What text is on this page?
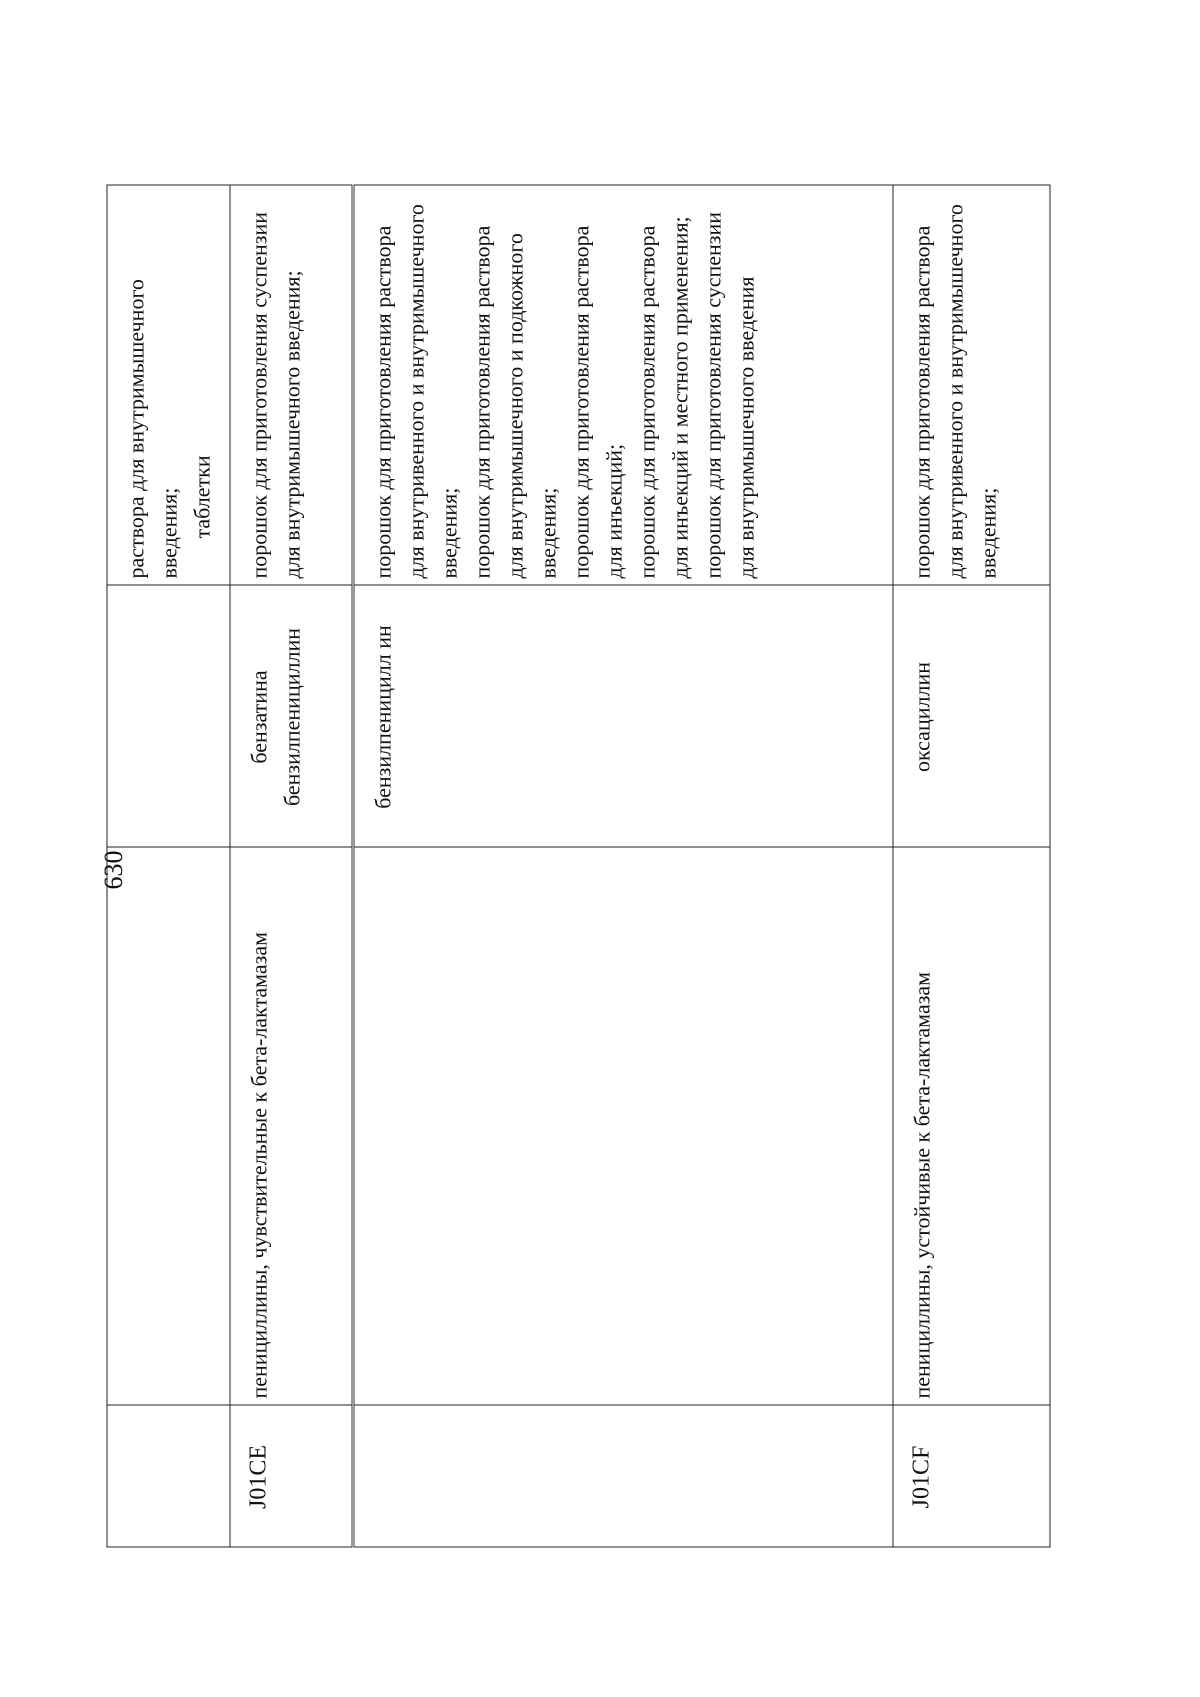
630

			раствора для внутримышечного введения; таблетки

J01CE	пенициллины, чувствительные к бета-лактамазам	бензатина бензилпенициллин	порошок для приготовления суспензии для внутримышечного введения;

		бензилпеницилл ин	порошок для приготовления раствора для внутривенного и внутримышечного введения; порошок для приготовления раствора для внутримышечного и подкожного введения; порошок для приготовления раствора для инъекций; порошок для приготовления раствора для инъекций и местного применения; порошок для приготовления суспензии для внутримышечного введения

J01CF	пенициллины, устойчивые к бета-лактамазам	оксациллин	порошок для приготовления раствора для внутривенного и внутримышечного введения;
